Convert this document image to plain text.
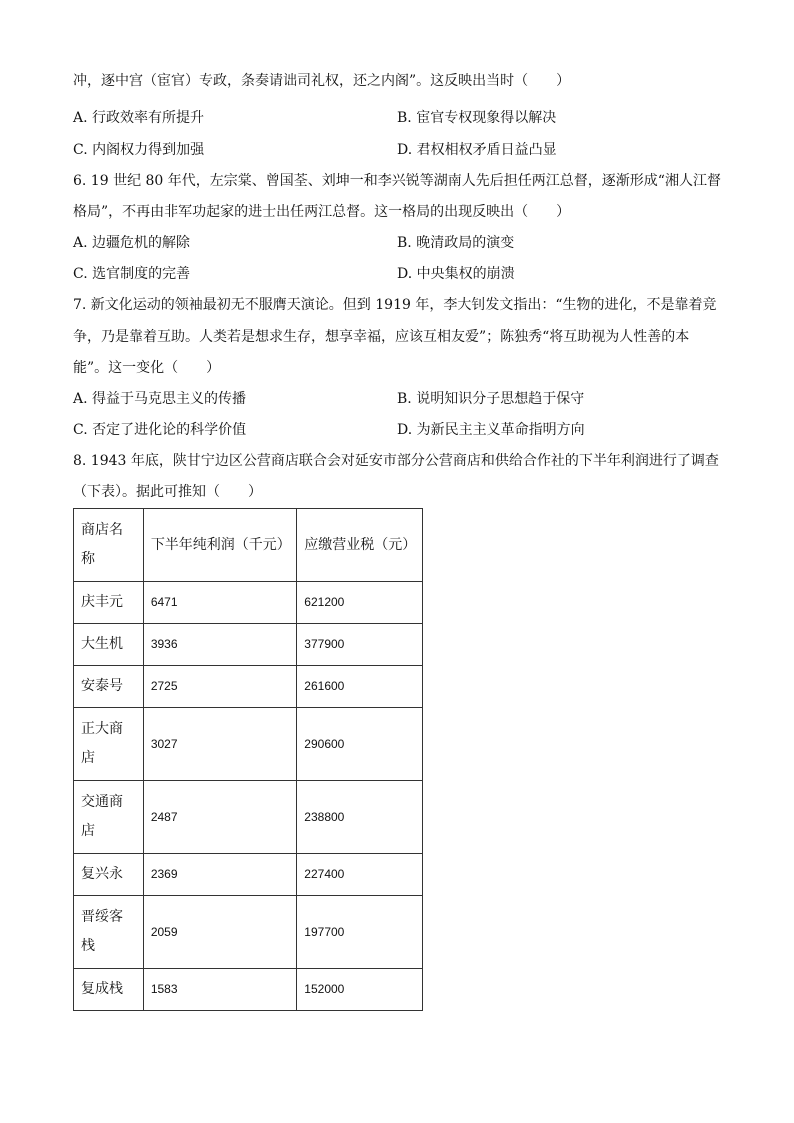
冲，逐中宫（宦官）专政，条奏请诎司礼权，还之内阁”。这反映出当时（　　）
A. 行政效率有所提升	B. 宦官专权现象得以解决
C. 内阁权力得到加强	D. 君权相权矛盾日益凸显
6. 19 世纪 80 年代，左宗棠、曾国荃、刘坤一和李兴锐等湖南人先后担任两江总督，逐渐形成“湘人江督
格局”，不再由非军功起家的进士出任两江总督。这一格局的出现反映出（　　）
A. 边疆危机的解除	B. 晚清政局的演变
C. 选官制度的完善	D. 中央集权的崩溃
7. 新文化运动的领袖最初无不服膺天演论。但到 1919 年，李大钊发文指出：“生物的进化，不是靠着竞
争，乃是靠着互助。人类若是想求生存，想享幸福，应该互相友爱”；陈独秀“将互助视为人性善的本
能”。这一变化（　　）
A. 得益于马克思主义的传播	B. 说明知识分子思想趋于保守
C. 否定了进化论的科学价值	D. 为新民主主义革命指明方向
8. 1943 年底，陕甘宁边区公营商店联合会对延安市部分公营商店和供给合作社的下半年利润进行了调查
（下表）。据此可推知（　　）
商店名称	下半年纯利润（千元）	应缴营业税（元）
庆丰元	6471	621200
大生机	3936	377900
安泰号	2725	261600
正大商店	3027	290600
交通商店	2487	238800
复兴永	2369	227400
晋绥客栈	2059	197700
复成栈	1583	152000
